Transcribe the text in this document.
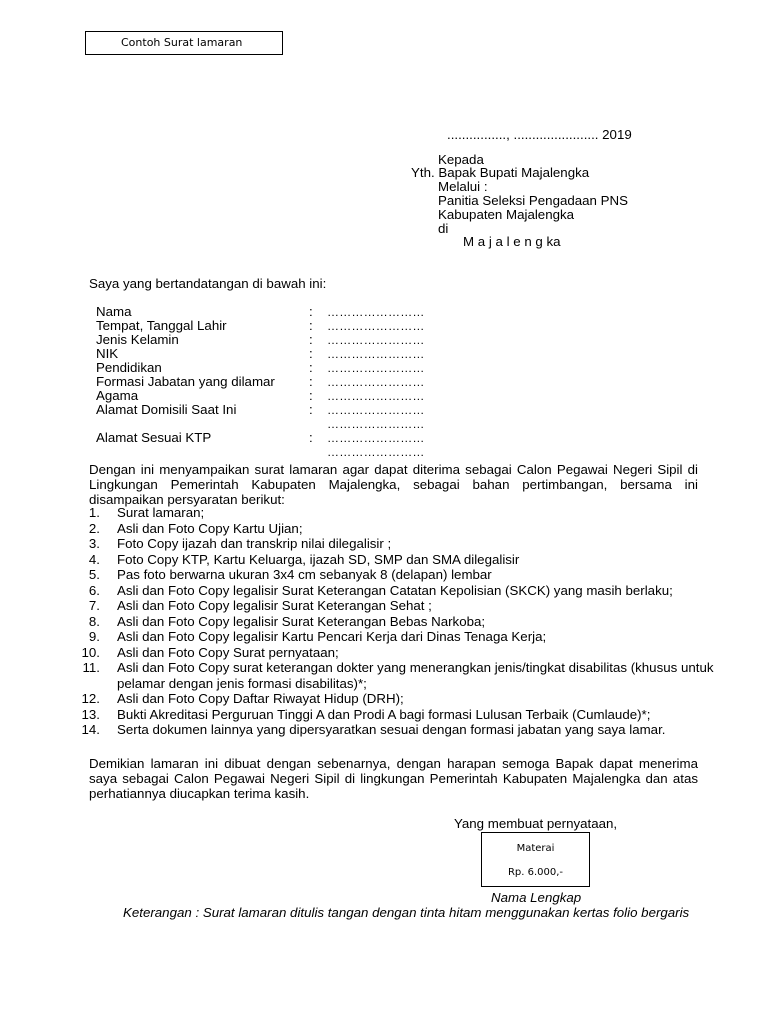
Contoh Surat lamaran
................, ....................... 2019
Kepada
Yth. Bapak Bupati Majalengka
Melalui :
Panitia Seleksi Pengadaan PNS
Kabupaten Majalengka
di
M a j a l e n g ka
Saya yang bertandatangan di bawah ini:
Nama	: ……………………
Tempat, Tanggal Lahir	: ……………………
Jenis Kelamin	: ……………………
NIK	: ……………………
Pendidikan	: ……………………
Formasi Jabatan yang dilamar	: ……………………
Agama	: ……………………
Alamat Domisili Saat Ini	: ……………………
……………………
Alamat Sesuai KTP	: ……………………
……………………
Dengan ini menyampaikan surat lamaran agar dapat diterima sebagai Calon Pegawai Negeri Sipil di Lingkungan Pemerintah Kabupaten Majalengka, sebagai bahan pertimbangan, bersama ini disampaikan persyaratan berikut:
1. Surat lamaran;
2. Asli dan Foto Copy Kartu Ujian;
3. Foto Copy ijazah dan transkrip nilai dilegalisir ;
4. Foto Copy KTP, Kartu Keluarga, ijazah SD, SMP dan SMA dilegalisir
5. Pas foto berwarna ukuran 3x4 cm sebanyak 8 (delapan) lembar
6. Asli dan Foto Copy legalisir Surat Keterangan Catatan Kepolisian (SKCK) yang masih berlaku;
7. Asli dan Foto Copy legalisir Surat Keterangan Sehat ;
8. Asli dan Foto Copy legalisir Surat Keterangan Bebas Narkoba;
9. Asli dan Foto Copy legalisir Kartu Pencari Kerja dari Dinas Tenaga Kerja;
10. Asli dan Foto Copy Surat pernyataan;
11. Asli dan Foto Copy surat keterangan dokter yang menerangkan jenis/tingkat disabilitas (khusus untuk pelamar dengan jenis formasi disabilitas)*;
12. Asli dan Foto Copy Daftar Riwayat Hidup (DRH);
13. Bukti Akreditasi Perguruan Tinggi A dan Prodi A bagi formasi Lulusan Terbaik (Cumlaude)*;
14. Serta dokumen lainnya yang dipersyaratkan sesuai dengan formasi jabatan yang saya lamar.
Demikian lamaran ini dibuat dengan sebenarnya, dengan harapan semoga Bapak dapat menerima saya sebagai Calon Pegawai Negeri Sipil di lingkungan Pemerintah Kabupaten Majalengka dan atas perhatiannya diucapkan terima kasih.
Yang membuat pernyataan,
Materai
Rp. 6.000,-
Nama Lengkap
Keterangan : Surat lamaran ditulis tangan dengan tinta hitam menggunakan kertas folio bergaris
